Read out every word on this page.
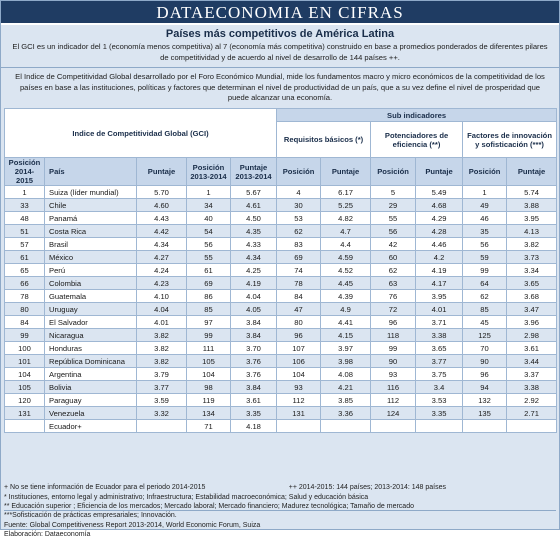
DATAECONOMIA EN CIFRAS
Países más competitivos de América Latina

El GCI es un indicador del 1 (economía menos competitiva) al 7 (economía más competitiva) construido en base a promedios ponderados de diferentes pilares de competitividad y de acuerdo al nivel de desarrollo de 144 países ++.

El Indice de Competitividad Global desarrollado por el Foro Económico Mundial, mide los fundamentos macro y micro económicos de la competitividad de los países en base a las instituciones, políticas y factores que determinan el nivel de productividad de un país, que a su vez define el nivel de prosperidad que puede alcanzar una economía.

Indice de Competitividad Global (GCI)					Sub indicadores					
					Requisitos básicos (*)		Potenciadores de eficiencia (**)		Factores de innovación y sofisticación (***)	
Posición 2014-2015	País	Puntaje	Posición 2013-2014	Puntaje 2013-2014	Posición	Puntaje	Posición	Puntaje	Posición	Puntaje
1	Suiza (líder mundial)	5.70	1	5.67	4	6.17	5	5.49	1	5.74
33	Chile	4.60	34	4.61	30	5.25	29	4.68	49	3.88
48	Panamá	4.43	40	4.50	53	4.82	55	4.29	46	3.95
51	Costa Rica	4.42	54	4.35	62	4.7	56	4.28	35	4.13
57	Brasil	4.34	56	4.33	83	4.4	42	4.46	56	3.82
61	México	4.27	55	4.34	69	4.59	60	4.2	59	3.73
65	Perú	4.24	61	4.25	74	4.52	62	4.19	99	3.34
66	Colombia	4.23	69	4.19	78	4.45	63	4.17	64	3.65
78	Guatemala	4.10	86	4.04	84	4.39	76	3.95	62	3.68
80	Uruguay	4.04	85	4.05	47	4.9	72	4.01	85	3.47
84	El Salvador	4.01	97	3.84	80	4.41	96	3.71	45	3.96
99	Nicaragua	3.82	99	3.84	96	4.15	118	3.38	125	2.98
100	Honduras	3.82	111	3.70	107	3.97	99	3.65	70	3.61
101	República Dominicana	3.82	105	3.76	106	3.98	90	3.77	90	3.44
104	Argentina	3.79	104	3.76	104	4.08	93	3.75	96	3.37
105	Bolivia	3.77	98	3.84	93	4.21	116	3.4	94	3.38
120	Paraguay	3.59	119	3.61	112	3.85	112	3.53	132	2.92
131	Venezuela	3.32	134	3.35	131	3.36	124	3.35	135	2.71
	Ecuador+		71	4.18						
+ No se tiene información de Ecuador para el periodo 2014-2015	++ 2014-2015: 144 países; 2013-2014: 148 países
* Instituciones, entorno legal y administrativo; Infraestructura; Estabilidad macroeconómica; Salud y educación básica
** Educación superior ; Eficiencia de los mercados; Mercado laboral; Mercado financiero; Madurez tecnológica; Tamaño de mercado
***Sofisticación de prácticas empresariales; Innovación.
Fuente: Global Competitiveness Report 2013-2014, World Economic Forum, Suiza
Elaboración: Dataeconomía
